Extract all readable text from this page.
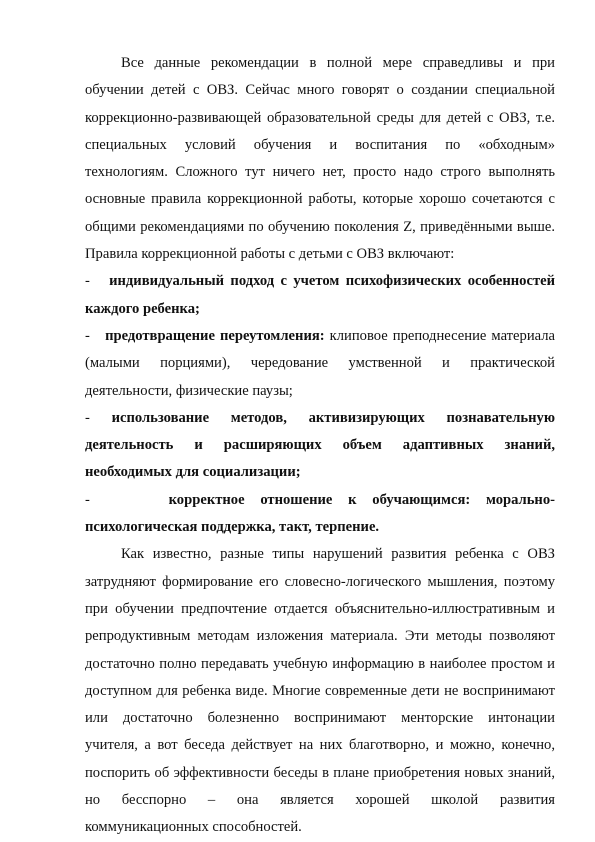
Все данные рекомендации в полной мере справедливы и при обучении детей с ОВЗ. Сейчас много говорят о создании специальной коррекционно-развивающей образовательной среды для детей с ОВЗ, т.е. специальных условий обучения и воспитания по «обходным» технологиям. Сложного тут ничего нет, просто надо строго выполнять основные правила коррекционной работы, которые хорошо сочетаются с общими рекомендациями по обучению поколения Z, приведёнными выше. Правила коррекционной работы с детьми с ОВЗ включают:

- индивидуальный подход с учетом психофизических особенностей каждого ребенка;

- предотвращение переутомления: клиповое преподнесение материала (малыми порциями), чередование умственной и практической деятельности, физические паузы;

- использование методов, активизирующих познавательную деятельность и расширяющих объем адаптивных знаний, необходимых для социализации;

-	корректное отношение к обучающимся: морально-психологическая поддержка, такт, терпение.

Как известно, разные типы нарушений развития ребенка с ОВЗ затрудняют формирование его словесно-логического мышления, поэтому при обучении предпочтение отдается объяснительно-иллюстративным и репродуктивным методам изложения материала. Эти методы позволяют достаточно полно передавать учебную информацию в наиболее простом и доступном для ребенка виде. Многие современные дети не воспринимают или достаточно болезненно воспринимают менторские интонации учителя, а вот беседа действует на них благотворно, и можно, конечно, поспорить об эффективности беседы в плане приобретения новых знаний, но бесспорно – она является хорошей школой развития коммуникационных способностей.
